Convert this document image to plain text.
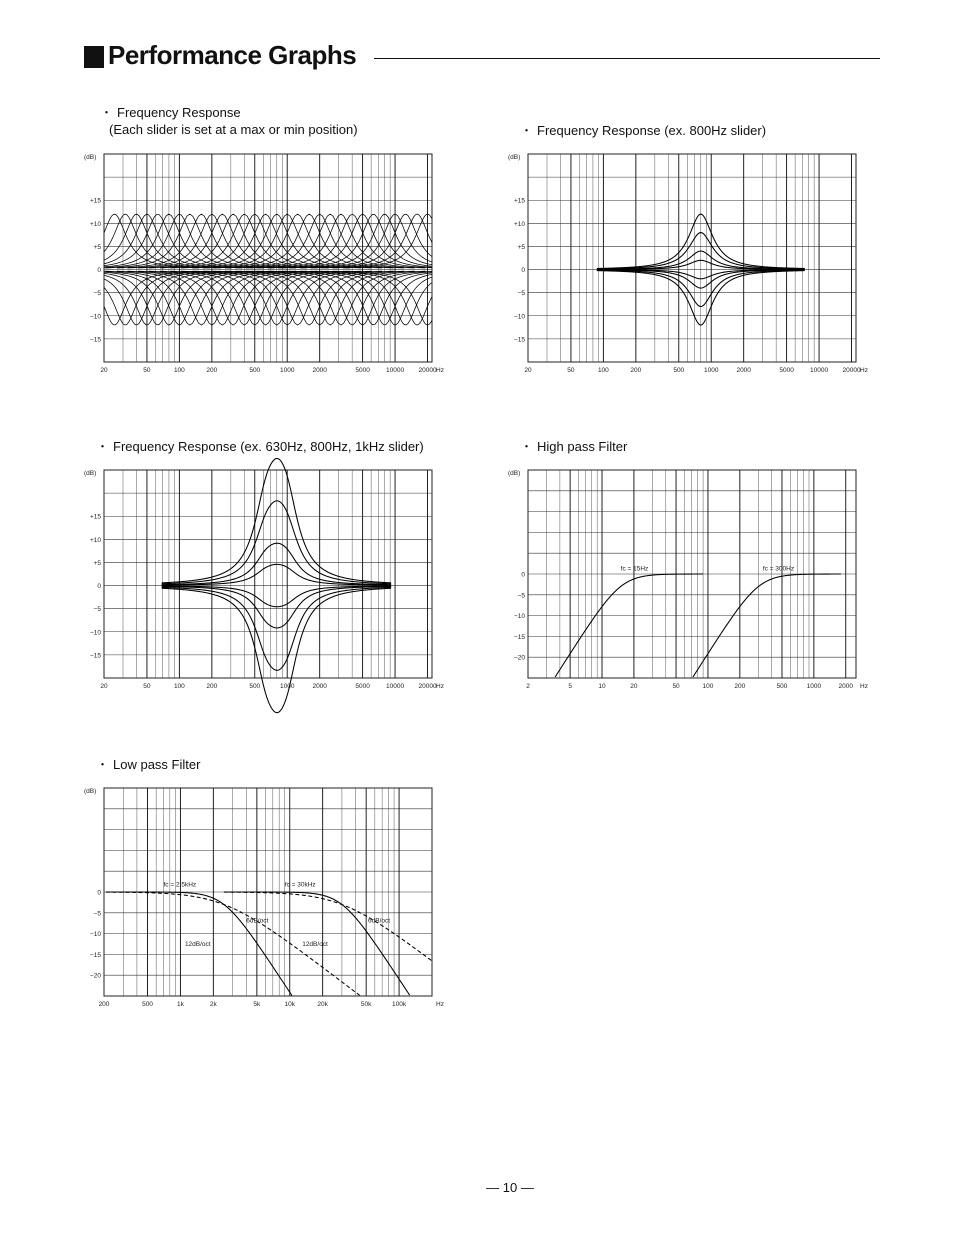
Performance Graphs
・ Frequency Response
(Each slider is set at a max or min position)	・ Frequency Response (ex. 800Hz slider)
・ Frequency Response (ex. 630Hz, 800Hz, 1kHz slider)	・ High pass Filter
・ Low pass Filter
20	50	100	200	500	1000	2000	5000 10000 20000
+15
+10
+5
0
−5
−10
−15
(dB)
Hz	20	50	100	200	500	1000	2000	5000 10000 20000
+15
+10
+5
0
−5
−10
−15
(dB)
Hz
20	50	100	200	500	1000	2000	5000 10000 20000
+15
+10
+5
0
−5
−10
−15
(dB)
Hz	2	5	10	20	50	100	200	500	1000	2000
0
−5
−10
−15
−20
(dB)
Hz
fc = 15Hz	fc = 300Hz
200	500	1k	2k	5k	10k	20k	50k	100k
0
−5
−10
−15
−20
(dB)
Hz
12dB/oct
6dB/oct
12dB/oct
6dB/oct
fc = 2.5kHz	fc = 30kHz
— 10 —
